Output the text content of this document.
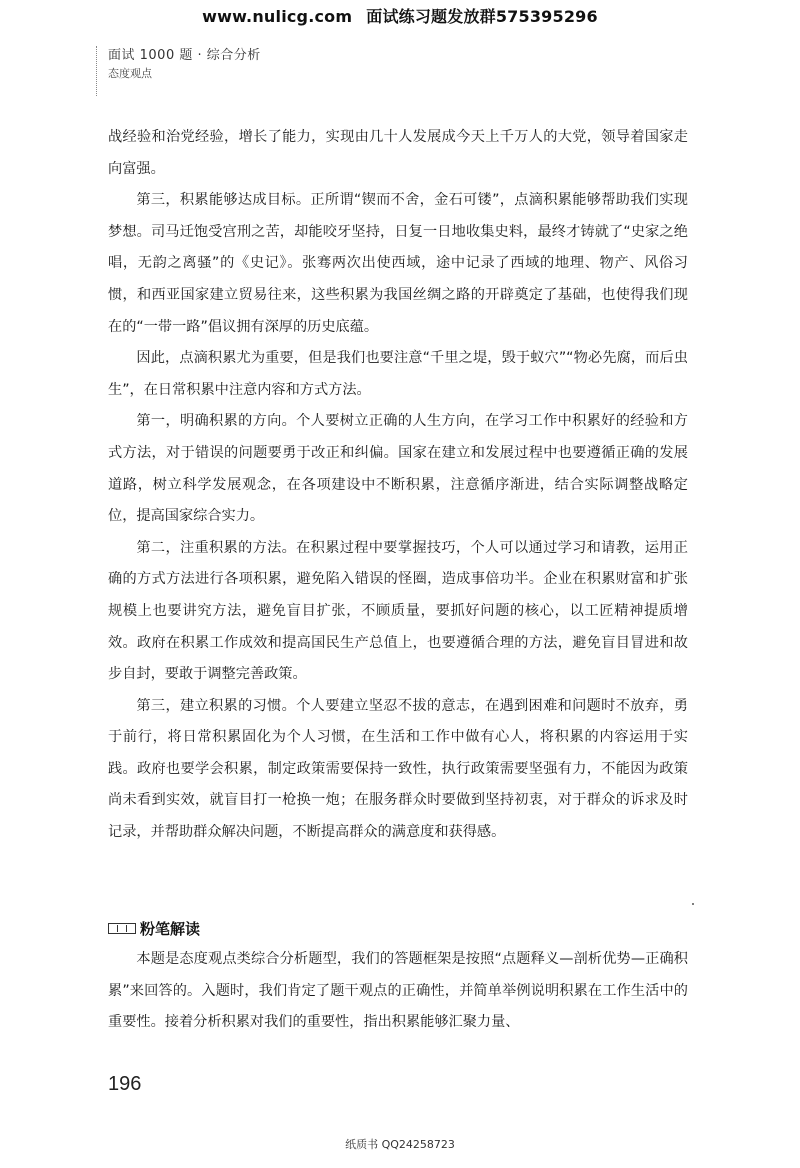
www.nulicg.com 面试练习题发放群575395296
面试 1000 题 · 综合分析
态度观点

战经验和治党经验，增长了能力，实现由几十人发展成今天上千万人的大党，领导着国家走向富强。

第三，积累能够达成目标。正所谓“锲而不舍，金石可镂”，点滴积累能够帮助我们实现梦想。司马迁饱受宫刑之苦，却能咬牙坚持，日复一日地收集史料，最终才铸就了“史家之绝唱，无韵之离骚”的《史记》。张骞两次出使西域，途中记录了西域的地理、物产、风俗习惯，和西亚国家建立贸易往来，这些积累为我国丝绸之路的开辟奠定了基础，也使得我们现在的“一带一路”倡议拥有深厚的历史底蕴。

因此，点滴积累尤为重要，但是我们也要注意“千里之堤，毁于蚁穴”“物必先腐，而后虫生”，在日常积累中注意内容和方式方法。

第一，明确积累的方向。个人要树立正确的人生方向，在学习工作中积累好的经验和方式方法，对于错误的问题要勇于改正和纠偏。国家在建立和发展过程中也要遵循正确的发展道路，树立科学发展观念，在各项建设中不断积累，注意循序渐进，结合实际调整战略定位，提高国家综合实力。

第二，注重积累的方法。在积累过程中要掌握技巧，个人可以通过学习和请教，运用正确的方式方法进行各项积累，避免陷入错误的怪圈，造成事倍功半。企业在积累财富和扩张规模上也要讲究方法，避免盲目扩张，不顾质量，要抓好问题的核心，以工匠精神提质增效。政府在积累工作成效和提高国民生产总值上，也要遵循合理的方法，避免盲目冒进和故步自封，要敢于调整完善政策。

第三，建立积累的习惯。个人要建立坚忍不拔的意志，在遇到困难和问题时不放弃，勇于前行，将日常积累固化为个人习惯，在生活和工作中做有心人，将积累的内容运用于实践。政府也要学会积累，制定政策需要保持一致性，执行政策需要坚强有力，不能因为政策尚未看到实效，就盲目打一枪换一炮；在服务群众时要做到坚持初衷，对于群众的诉求及时记录，并帮助群众解决问题，不断提高群众的满意度和获得感。

粉笔解读

本题是态度观点类综合分析题型，我们的答题框架是按照“点题释义—剖析优势—正确积累”来回答的。入题时，我们肯定了题干观点的正确性，并简单举例说明积累在工作生活中的重要性。接着分析积累对我们的重要性，指出积累能够汇聚力量、

196
纸质书 QQ24258723
